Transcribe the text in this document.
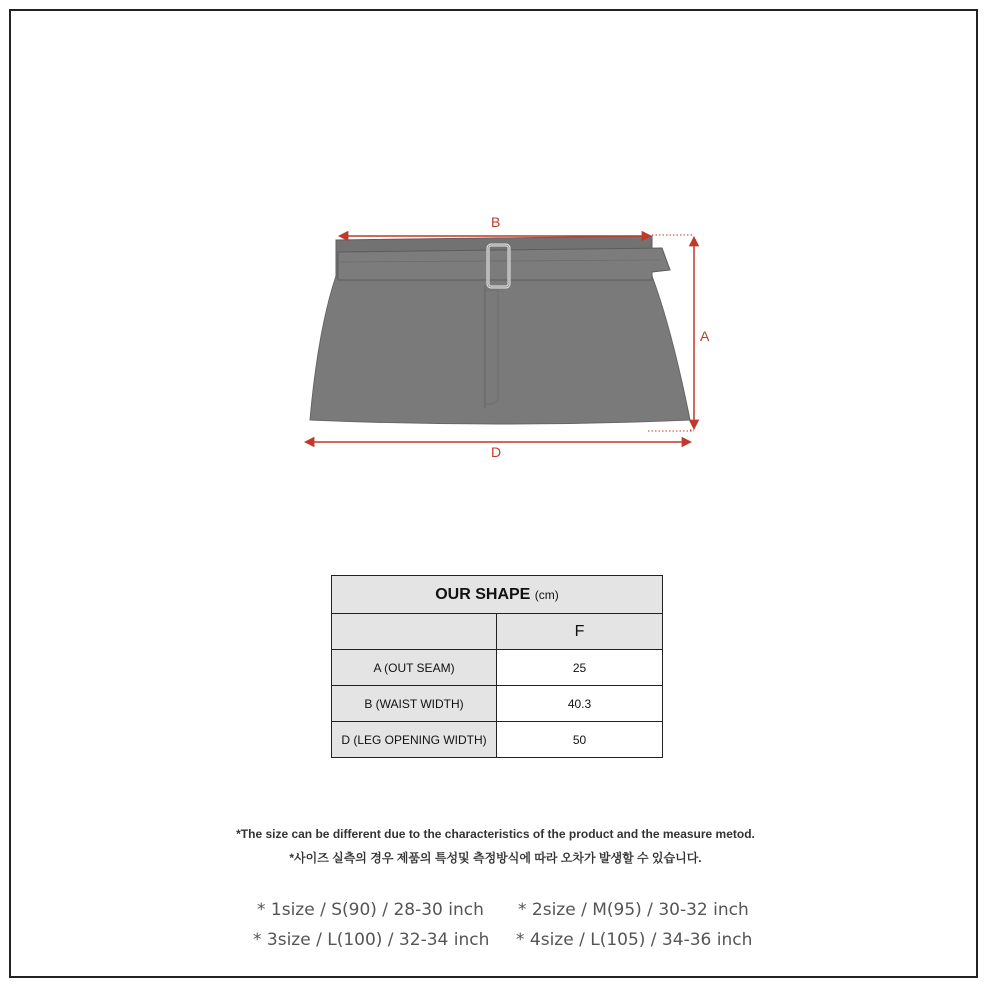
B
A
D
OUR SHAPE (cm)	
	F
A (OUT SEAM)	25
B (WAIST WIDTH)	40.3
D (LEG OPENING WIDTH)	50
*The size can be different due to the characteristics of the product and the measure metod.
*사이즈 실측의 경우 제품의 특성및 측정방식에 따라 오차가 발생할 수 있습니다.
* 1size / S(90) / 28-30 inch * 2size / M(95) / 30-32 inch
* 3size / L(100) / 32-34 inch * 4size / L(105) / 34-36 inch
